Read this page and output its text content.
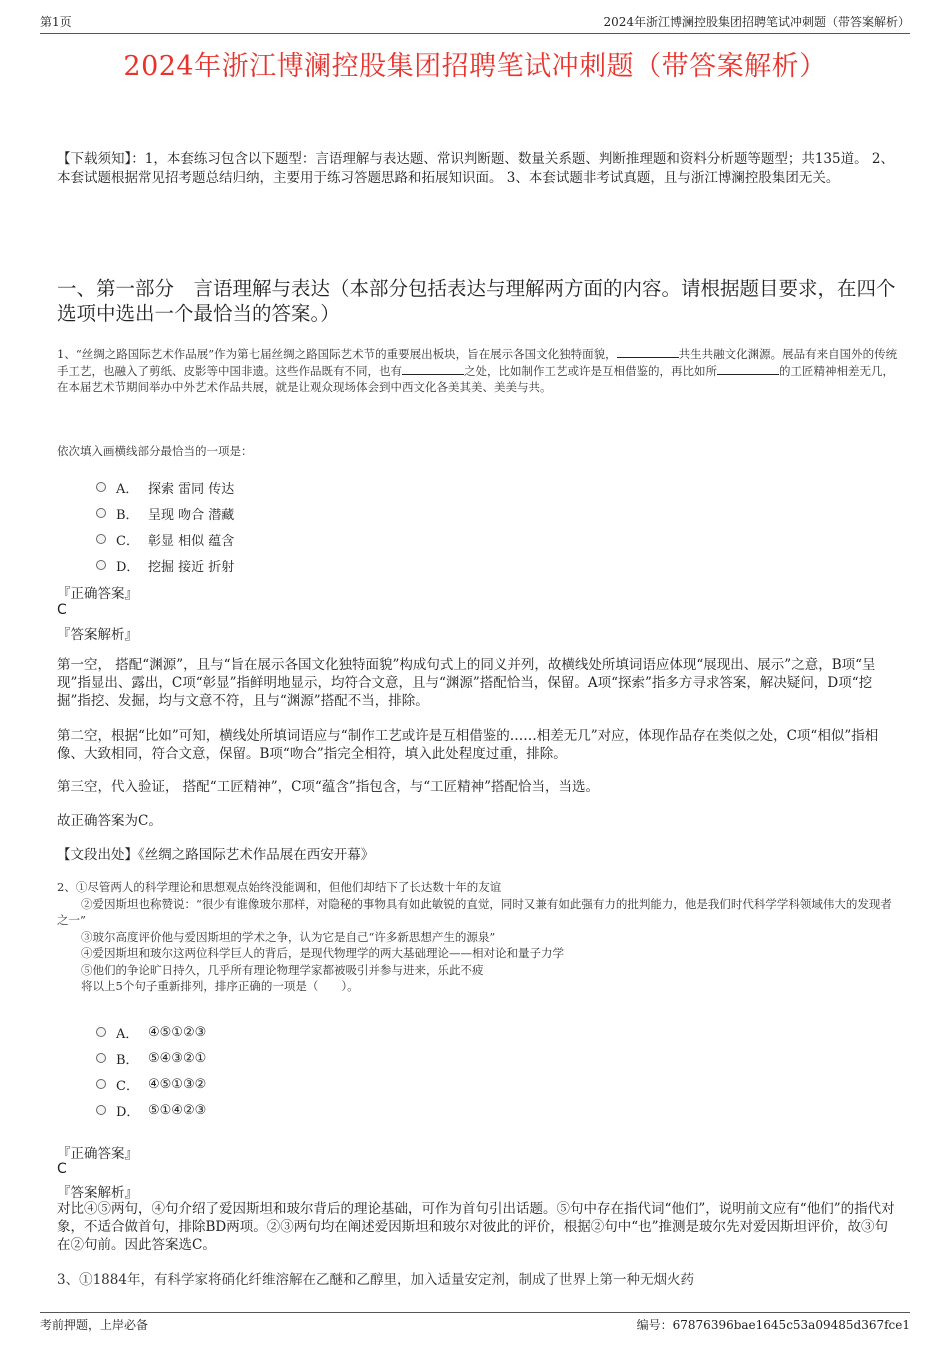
第1页	2024年浙江博澜控股集团招聘笔试冲刺题（带答案解析）
2024年浙江博澜控股集团招聘笔试冲刺题（带答案解析）
【下载须知】：1，本套练习包含以下题型：言语理解与表达题、常识判断题、数量关系题、判断推理题和资料分析题等题型；共135道。 2、本套试题根据常见招考题总结归纳，主要用于练习答题思路和拓展知识面。 3、本套试题非考试真题，且与浙江博澜控股集团无关。
一、第一部分　言语理解与表达（本部分包括表达与理解两方面的内容。请根据题目要求，在四个选项中选出一个最恰当的答案。）
1、“丝绸之路国际艺术作品展”作为第七届丝绸之路国际艺术节的重要展出板块，旨在展示各国文化独特面貌，	共生共融文化渊源。展品有来自国外的传统手工艺，也融入了剪纸、皮影等中国非遗。这些作品既有不同，也有	之处，比如制作工艺或许是互相借鉴的，再比如所	的工匠精神相差无几，在本届艺术节期间举办中外艺术作品共展，就是让观众现场体会到中西文化各美其美、美美与共。
依次填入画横线部分最恰当的一项是：
A． 探索 雷同 传达
B． 呈现 吻合 潜藏
C． 彰显 相似 蕴含
D． 挖掘 接近 折射
『正确答案』
C
『答案解析』
第一空， 搭配“渊源”，且与“旨在展示各国文化独特面貌”构成句式上的同义并列，故横线处所填词语应体现“展现出、展示”之意，B项“呈现”指显出、露出，C项“彰显”指鲜明地显示，均符合文意，且与“渊源”搭配恰当，保留。A项“探索”指多方寻求答案，解决疑问，D项“挖掘”指挖、发掘，均与文意不符，且与“渊源”搭配不当，排除。
第二空，根据“比如”可知，横线处所填词语应与“制作工艺或许是互相借鉴的……相差无几”对应，体现作品存在类似之处，C项“相似”指相像、大致相同，符合文意，保留。B项“吻合”指完全相符，填入此处程度过重，排除。
第三空，代入验证， 搭配“工匠精神”，C项“蕴含”指包含，与“工匠精神”搭配恰当，当选。
故正确答案为C。
【文段出处】《丝绸之路国际艺术作品展在西安开幕》
2、①尽管两人的科学理论和思想观点始终没能调和，但他们却结下了长达数十年的友谊
②爱因斯坦也称赞说：“很少有谁像玻尔那样，对隐秘的事物具有如此敏锐的直觉，同时又兼有如此强有力的批判能力，他是我们时代科学学科领域伟大的发现者之一”
③玻尔高度评价他与爱因斯坦的学术之争，认为它是自己“许多新思想产生的源泉”
④爱因斯坦和玻尔这两位科学巨人的背后，是现代物理学的两大基础理论——相对论和量子力学
⑤他们的争论旷日持久，几乎所有理论物理学家都被吸引并参与进来，乐此不疲
将以上5个句子重新排列，排序正确的一项是（　　）。
A． ④⑤①②③
B． ⑤④③②①
C． ④⑤①③②
D． ⑤①④②③
『正确答案』
C
『答案解析』
对比④⑤两句，④句介绍了爱因斯坦和玻尔背后的理论基础，可作为首句引出话题。⑤句中存在指代词“他们”，说明前文应有“他们”的指代对象，不适合做首句，排除BD两项。②③两句均在阐述爱因斯坦和玻尔对彼此的评价，根据②句中“也”推测是玻尔先对爱因斯坦评价，故③句在②句前。因此答案选C。
3、①1884年，有科学家将硝化纤维溶解在乙醚和乙醇里，加入适量安定剂，制成了世界上第一种无烟火药
考前押题，上岸必备	编号：67876396bae1645c53a09485d367fce1
